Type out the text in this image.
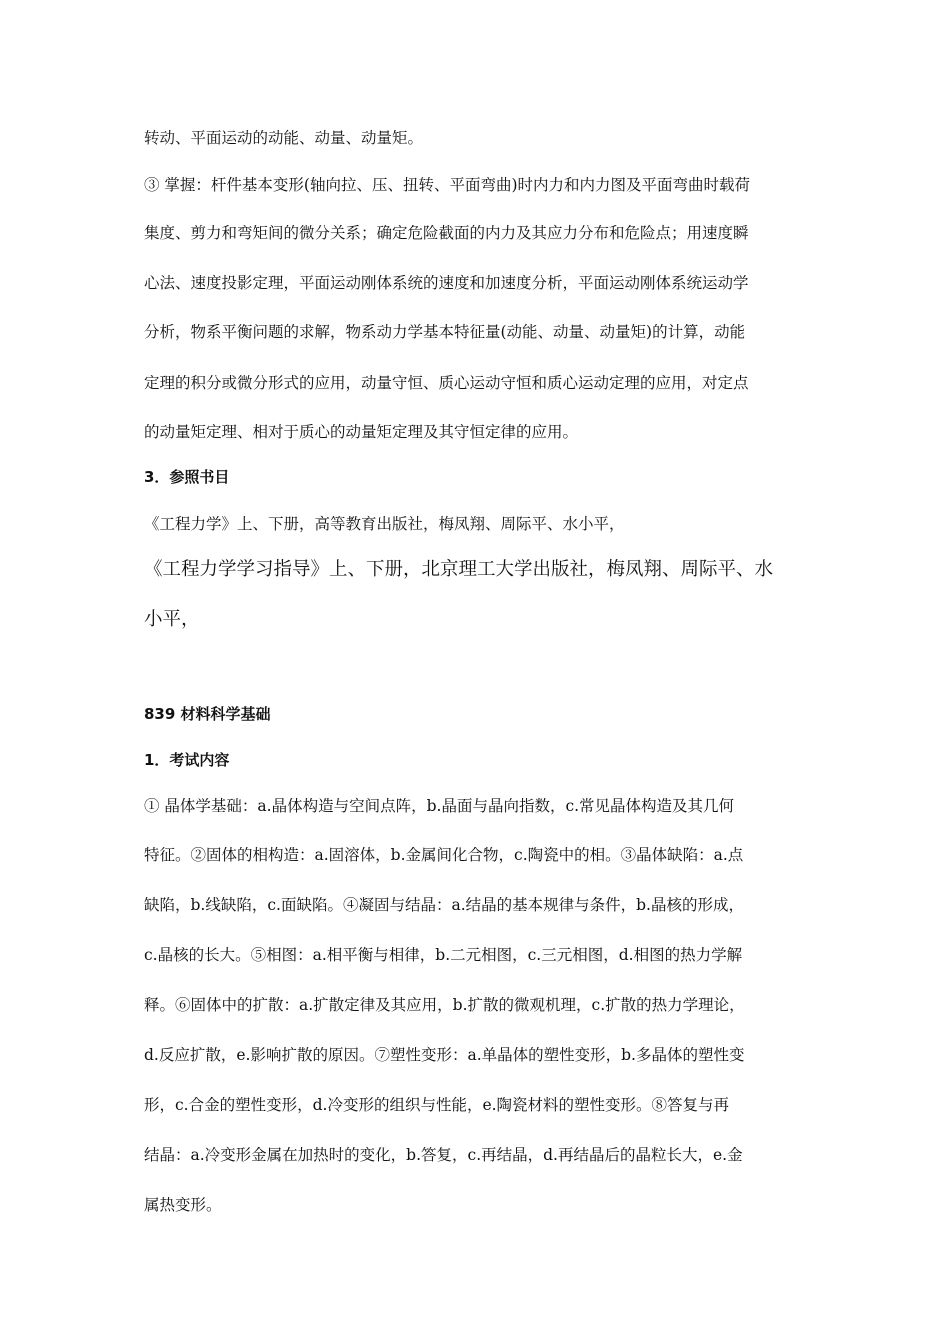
转动、平面运动的动能、动量、动量矩。
③ 掌握：杆件基本变形(轴向拉、压、扭转、平面弯曲)时内力和内力图及平面弯曲时载荷
集度、剪力和弯矩间的微分关系；确定危险截面的内力及其应力分布和危险点；用速度瞬
心法、速度投影定理，平面运动刚体系统的速度和加速度分析，平面运动刚体系统运动学
分析，物系平衡问题的求解，物系动力学基本特征量(动能、动量、动量矩)的计算，动能
定理的积分或微分形式的应用，动量守恒、质心运动守恒和质心运动定理的应用，对定点
的动量矩定理、相对于质心的动量矩定理及其守恒定律的应用。
3．参照书目
《工程力学》上、下册，高等教育出版社，梅凤翔、周际平、水小平，
《工程力学学习指导》上、下册，北京理工大学出版社，梅凤翔、周际平、水
小平，
839 材料科学基础
1．考试内容
① 晶体学基础：a.晶体构造与空间点阵，b.晶面与晶向指数，c.常见晶体构造及其几何
特征。②固体的相构造：a.固溶体，b.金属间化合物，c.陶瓷中的相。③晶体缺陷：a.点
缺陷，b.线缺陷，c.面缺陷。④凝固与结晶：a.结晶的基本规律与条件，b.晶核的形成，
c.晶核的长大。⑤相图：a.相平衡与相律，b.二元相图，c.三元相图，d.相图的热力学解
释。⑥固体中的扩散：a.扩散定律及其应用，b.扩散的微观机理，c.扩散的热力学理论，
d.反应扩散，e.影响扩散的原因。⑦塑性变形：a.单晶体的塑性变形，b.多晶体的塑性变
形，c.合金的塑性变形，d.冷变形的组织与性能，e.陶瓷材料的塑性变形。⑧答复与再
结晶：a.冷变形金属在加热时的变化，b.答复，c.再结晶，d.再结晶后的晶粒长大，e.金
属热变形。
